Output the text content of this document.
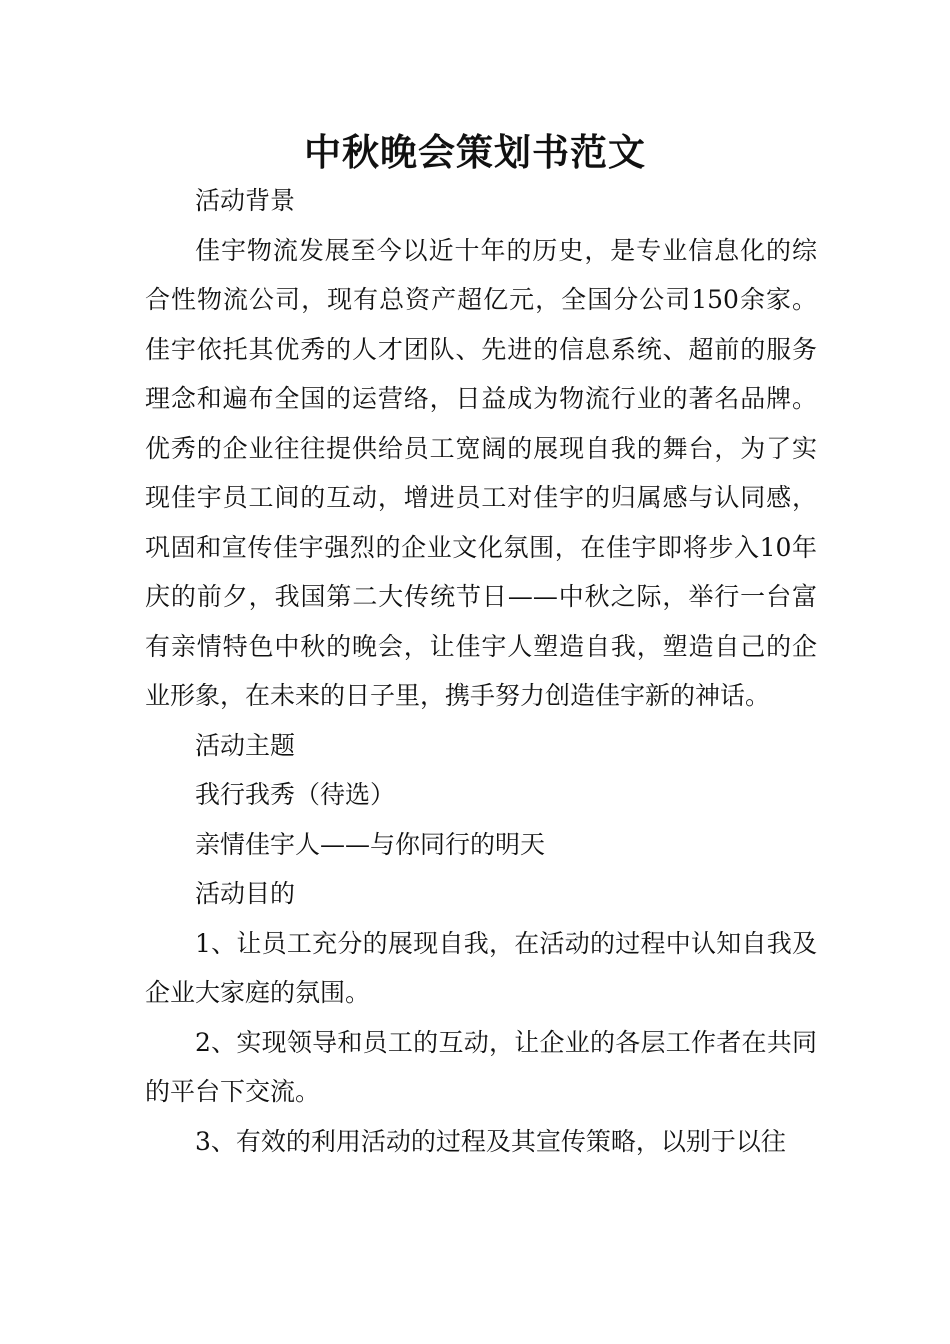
中秋晚会策划书范文

活动背景

佳宇物流发展至今以近十年的历史，是专业信息化的综合性物流公司，现有总资产超亿元，全国分公司150余家。佳宇依托其优秀的人才团队、先进的信息系统、超前的服务理念和遍布全国的运营络，日益成为物流行业的著名品牌。优秀的企业往往提供给员工宽阔的展现自我的舞台，为了实现佳宇员工间的互动，增进员工对佳宇的归属感与认同感，巩固和宣传佳宇强烈的企业文化氛围，在佳宇即将步入10年庆的前夕，我国第二大传统节日——中秋之际，举行一台富有亲情特色中秋的晚会，让佳宇人塑造自我，塑造自己的企业形象，在未来的日子里，携手努力创造佳宇新的神话。

活动主题

我行我秀（待选）

亲情佳宇人——与你同行的明天

活动目的

1、让员工充分的展现自我，在活动的过程中认知自我及企业大家庭的氛围。

2、实现领导和员工的互动，让企业的各层工作者在共同的平台下交流。

3、有效的利用活动的过程及其宣传策略，以别于以往
